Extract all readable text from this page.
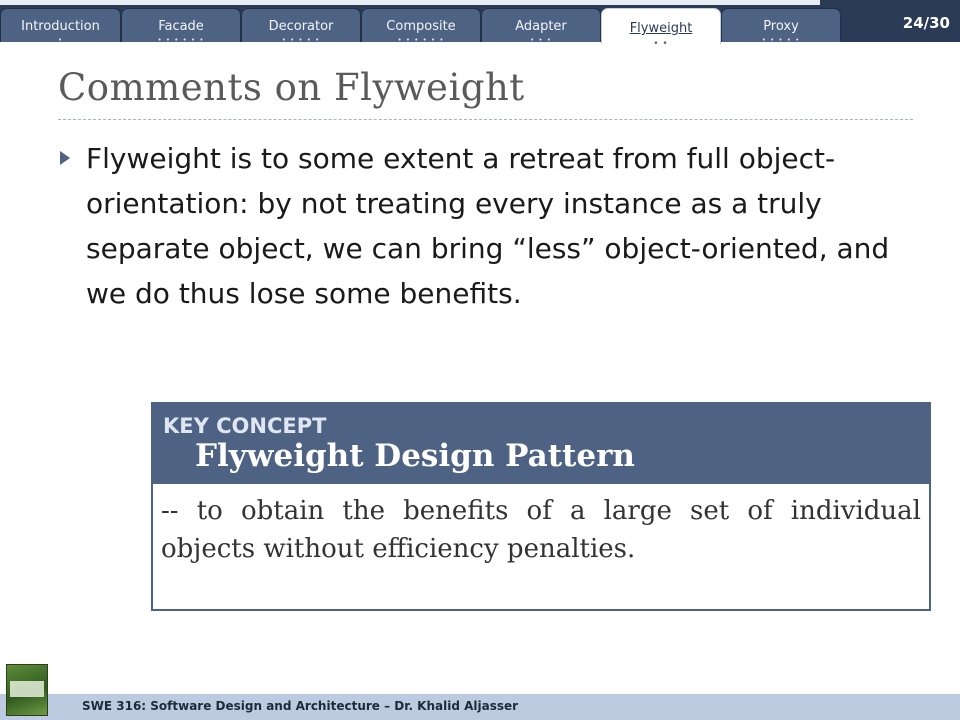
Introduction
•
Facade
• • • • • •
Decorator
• • • • •
Composite
• • • • • •
Adapter
• • •
Flyweight
• •
Proxy
• • • • •
24/30
Comments on Flyweight
Flyweight is to some extent a retreat from full object-orientation: by not treating every instance as a truly separate object, we can bring “less” object-oriented, and we do thus lose some benefits.
KEY CONCEPT
Flyweight Design Pattern
-- to obtain the benefits of a large set of individual objects without efficiency penalties.
SWE 316: Software Design and Architecture – Dr. Khalid Aljasser
